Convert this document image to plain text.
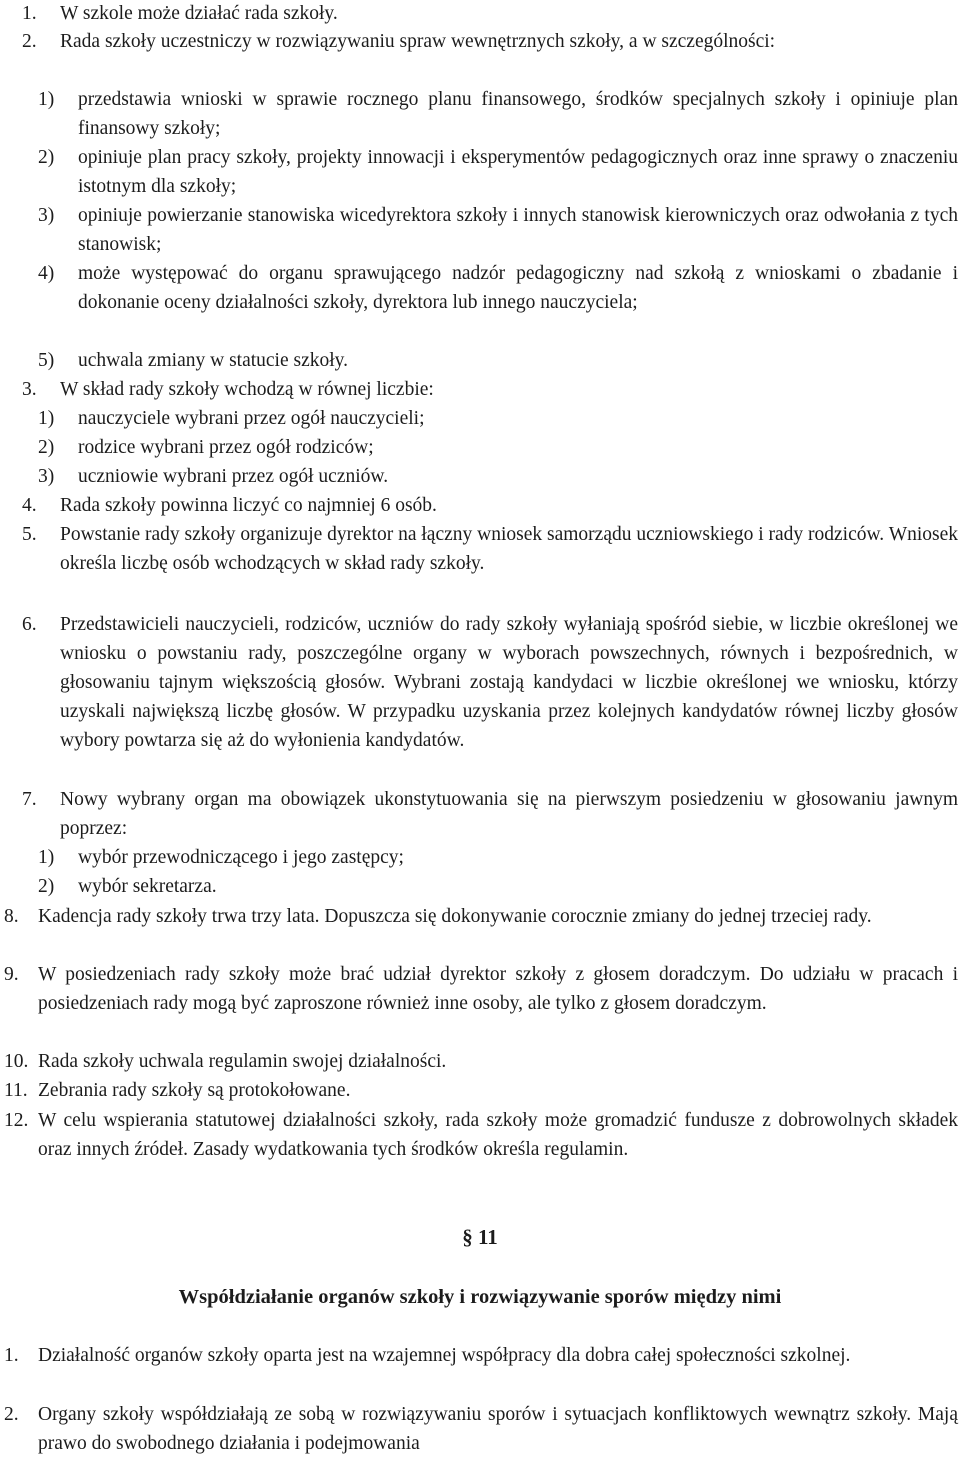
1.	W szkole może działać rada szkoły.
2.	Rada szkoły uczestniczy w rozwiązywaniu spraw wewnętrznych szkoły, a w szczególności:
1)	przedstawia wnioski w sprawie rocznego planu finansowego, środków specjalnych szkoły i opiniuje plan finansowy szkoły;
2)	opiniuje plan pracy szkoły, projekty innowacji i eksperymentów pedagogicznych oraz inne sprawy o znaczeniu istotnym dla szkoły;
3)	opiniuje powierzanie stanowiska wicedyrektora szkoły i innych stanowisk kierowniczych oraz odwołania z tych stanowisk;
4)	może występować do organu sprawującego nadzór pedagogiczny nad szkołą z wnioskami o zbadanie i dokonanie oceny działalności szkoły, dyrektora lub innego nauczyciela;
5)	uchwala zmiany w statucie szkoły.
3.	W skład rady szkoły wchodzą w równej liczbie:
1)	nauczyciele wybrani przez ogół nauczycieli;
2)	rodzice wybrani przez ogół rodziców;
3)	uczniowie wybrani przez ogół uczniów.
4.	Rada szkoły powinna liczyć co najmniej 6 osób.
5.	Powstanie rady szkoły organizuje dyrektor na łączny wniosek samorządu uczniowskiego i rady rodziców. Wniosek określa liczbę osób wchodzących w skład rady szkoły.
6.	Przedstawicieli nauczycieli, rodziców, uczniów do rady szkoły wyłaniają spośród siebie, w liczbie określonej we wniosku o powstaniu rady, poszczególne organy w wyborach powszechnych, równych i bezpośrednich, w głosowaniu tajnym większością głosów. Wybrani zostają kandydaci w liczbie określonej we wniosku, którzy uzyskali największą liczbę głosów. W przypadku uzyskania przez kolejnych kandydatów równej liczby głosów wybory powtarza się aż do wyłonienia kandydatów.
7.	Nowy wybrany organ ma obowiązek ukonstytuowania się na pierwszym posiedzeniu w głosowaniu jawnym poprzez:
1)	wybór przewodniczącego i jego zastępcy;
2)	wybór sekretarza.
8. Kadencja rady szkoły trwa trzy lata. Dopuszcza się dokonywanie corocznie zmiany do jednej trzeciej rady.
9. W posiedzeniach rady szkoły może brać udział dyrektor szkoły z głosem doradczym. Do udziału w pracach i posiedzeniach rady mogą być zaproszone również inne osoby, ale tylko z głosem doradczym.
10. Rada szkoły uchwala regulamin swojej działalności.
11. Zebrania rady szkoły są protokołowane.
12. W celu wspierania statutowej działalności szkoły, rada szkoły może gromadzić fundusze z dobrowolnych składek oraz innych źródeł. Zasady wydatkowania tych środków określa regulamin.
§ 11
Współdziałanie organów szkoły i rozwiązywanie sporów między nimi
1. Działalność organów szkoły oparta jest na wzajemnej współpracy dla dobra całej społeczności szkolnej.
2. Organy szkoły współdziałają ze sobą w rozwiązywaniu sporów i sytuacjach konfliktowych wewnątrz szkoły. Mają prawo do swobodnego działania i podejmowania
